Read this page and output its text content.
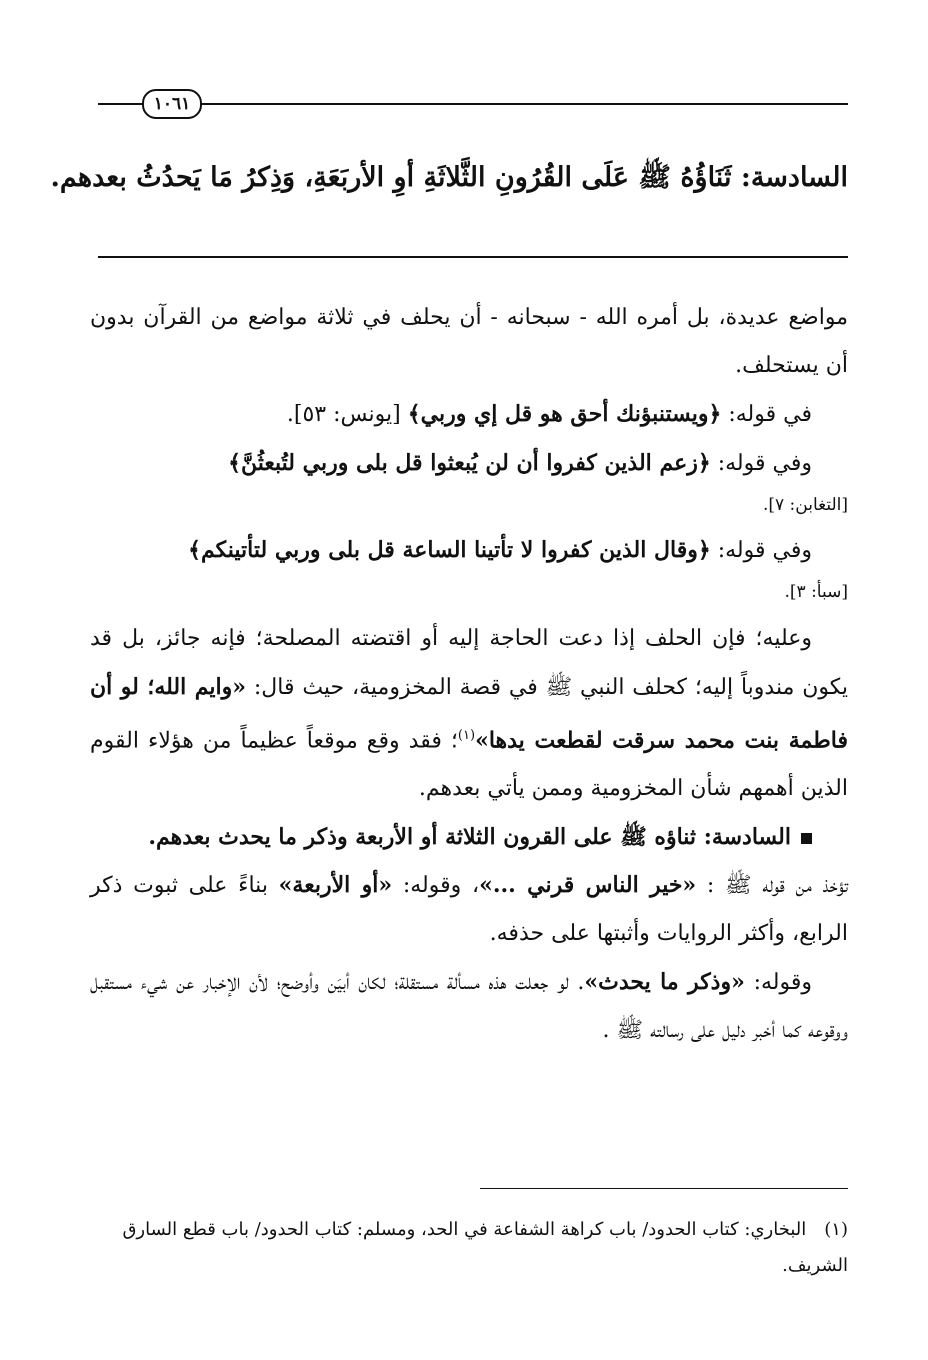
١٠٦١
السادسة: ثَنَاؤُهُ ﷺ عَلَى القُرُونِ الثَّلاثَةِ أوِ الأربَعَةِ، وَذِكرُ مَا يَحدُثُ بعدهم.

مواضع عديدة، بل أمره الله - سبحانه - أن يحلف في ثلاثة مواضع من القرآن بدون أن يستحلف.

في قوله: ﴿ويستنبؤنك أحق هو قل إي وربي﴾ [يونس: ٥٣].

وفي قوله: ﴿زعم الذين كفروا أن لن يُبعثوا قل بلى وربي لتُبعثُنَّ﴾

[التغابن: ٧].

وفي قوله: ﴿وقال الذين كفروا لا تأتينا الساعة قل بلى وربي لتأتينكم﴾

[سبأ: ٣].

وعليه؛ فإن الحلف إذا دعت الحاجة إليه أو اقتضته المصلحة؛ فإنه جائز، بل قد يكون مندوباً إليه؛ كحلف النبي ﷺ في قصة المخزومية، حيث قال: «وايم الله؛ لو أن فاطمة بنت محمد سرقت لقطعت يدها»$^{(١)}$؛ فقد وقع موقعاً عظيماً من هؤلاء القوم الذين أهمهم شأن المخزومية وممن يأتي بعدهم.

السادسة: ثناؤه ﷺ على القرون الثلاثة أو الأربعة وذكر ما يحدث بعدهم.

تؤخذ من قوله ﷺ : «خير الناس قرني ...»، وقوله: «أو الأربعة» بناءً على ثبوت ذكر الرابع، وأكثر الروايات وأثبتها على حذفه.

وقوله: «وذكر ما يحدث». لو جعلت هذه مسألة مستقلة؛ لكان أبيَن وأوضح؛ لأن الإخبار عن شيء مستقبل ووقوعه كما أخبر دليل على رسالته ﷺ .

(١)البخاري: كتاب الحدود/ باب كراهة الشفاعة في الحد، ومسلم: كتاب الحدود/ باب قطع السارق الشريف.
